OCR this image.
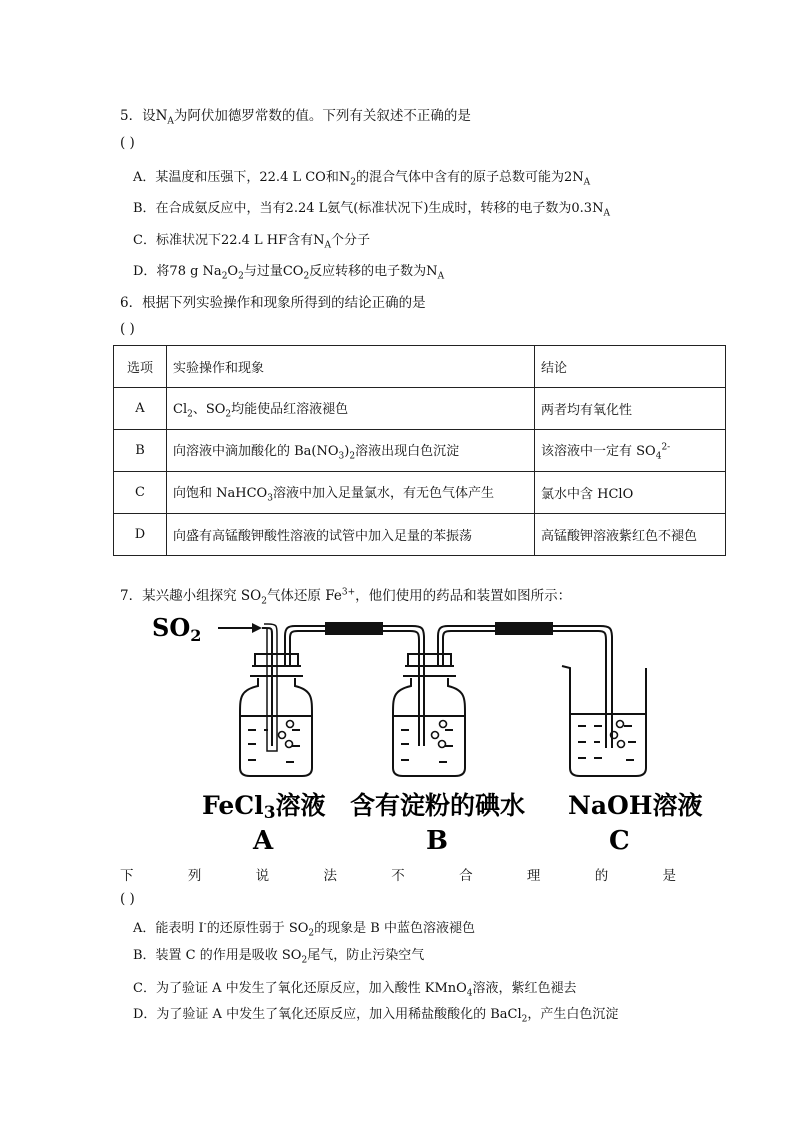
5．设$N_A$为阿伏加德罗常数的值。下列有关叙述不正确的是
( )
A．某温度和压强下，22.4 L CO和$N_2$的混合气体中含有的原子总数可能为$2N_A$
B．在合成氨反应中，当有2.24 L氨气(标准状况下)生成时，转移的电子数为$0.3N_A$
C．标准状况下22.4 L HF含有$N_A$个分子
D．将78 g $Na_2O_2$与过量$CO_2$反应转移的电子数为$N_A$
6．根据下列实验操作和现象所得到的结论正确的是
( )
选项	实验操作和现象	结论
A	$Cl_2$、$SO_2$均能使品红溶液褪色	两者均有氧化性
B	向溶液中滴加酸化的 $Ba(NO_3)_2$溶液出现白色沉淀	该溶液中一定有 $SO_4^{2-}$
C	向饱和 NaHCO$_3$溶液中加入足量氯水，有无色气体产生	氯水中含 HClO
D	向盛有高锰酸钾酸性溶液的试管中加入足量的苯振荡	高锰酸钾溶液紫红色不褪色
7．某兴趣小组探究 $SO_2$气体还原 $Fe^{3+}$，他们使用的药品和装置如图所示：
$SO_2$
FeCl3溶液 含有淀粉的碘水 NaOH溶液
A	B	C
下	列	说	法	不	合	理	的	是
( )
A．能表明 I-的还原性弱于 $SO_2$的现象是 B 中蓝色溶液褪色
B．装置 C 的作用是吸收 $SO_2$尾气，防止污染空气
C．为了验证 A 中发生了氧化还原反应，加入酸性 KMnO$_4$溶液，紫红色褪去
D．为了验证 A 中发生了氧化还原反应，加入用稀盐酸酸化的 BaCl$_2$，产生白色沉淀
